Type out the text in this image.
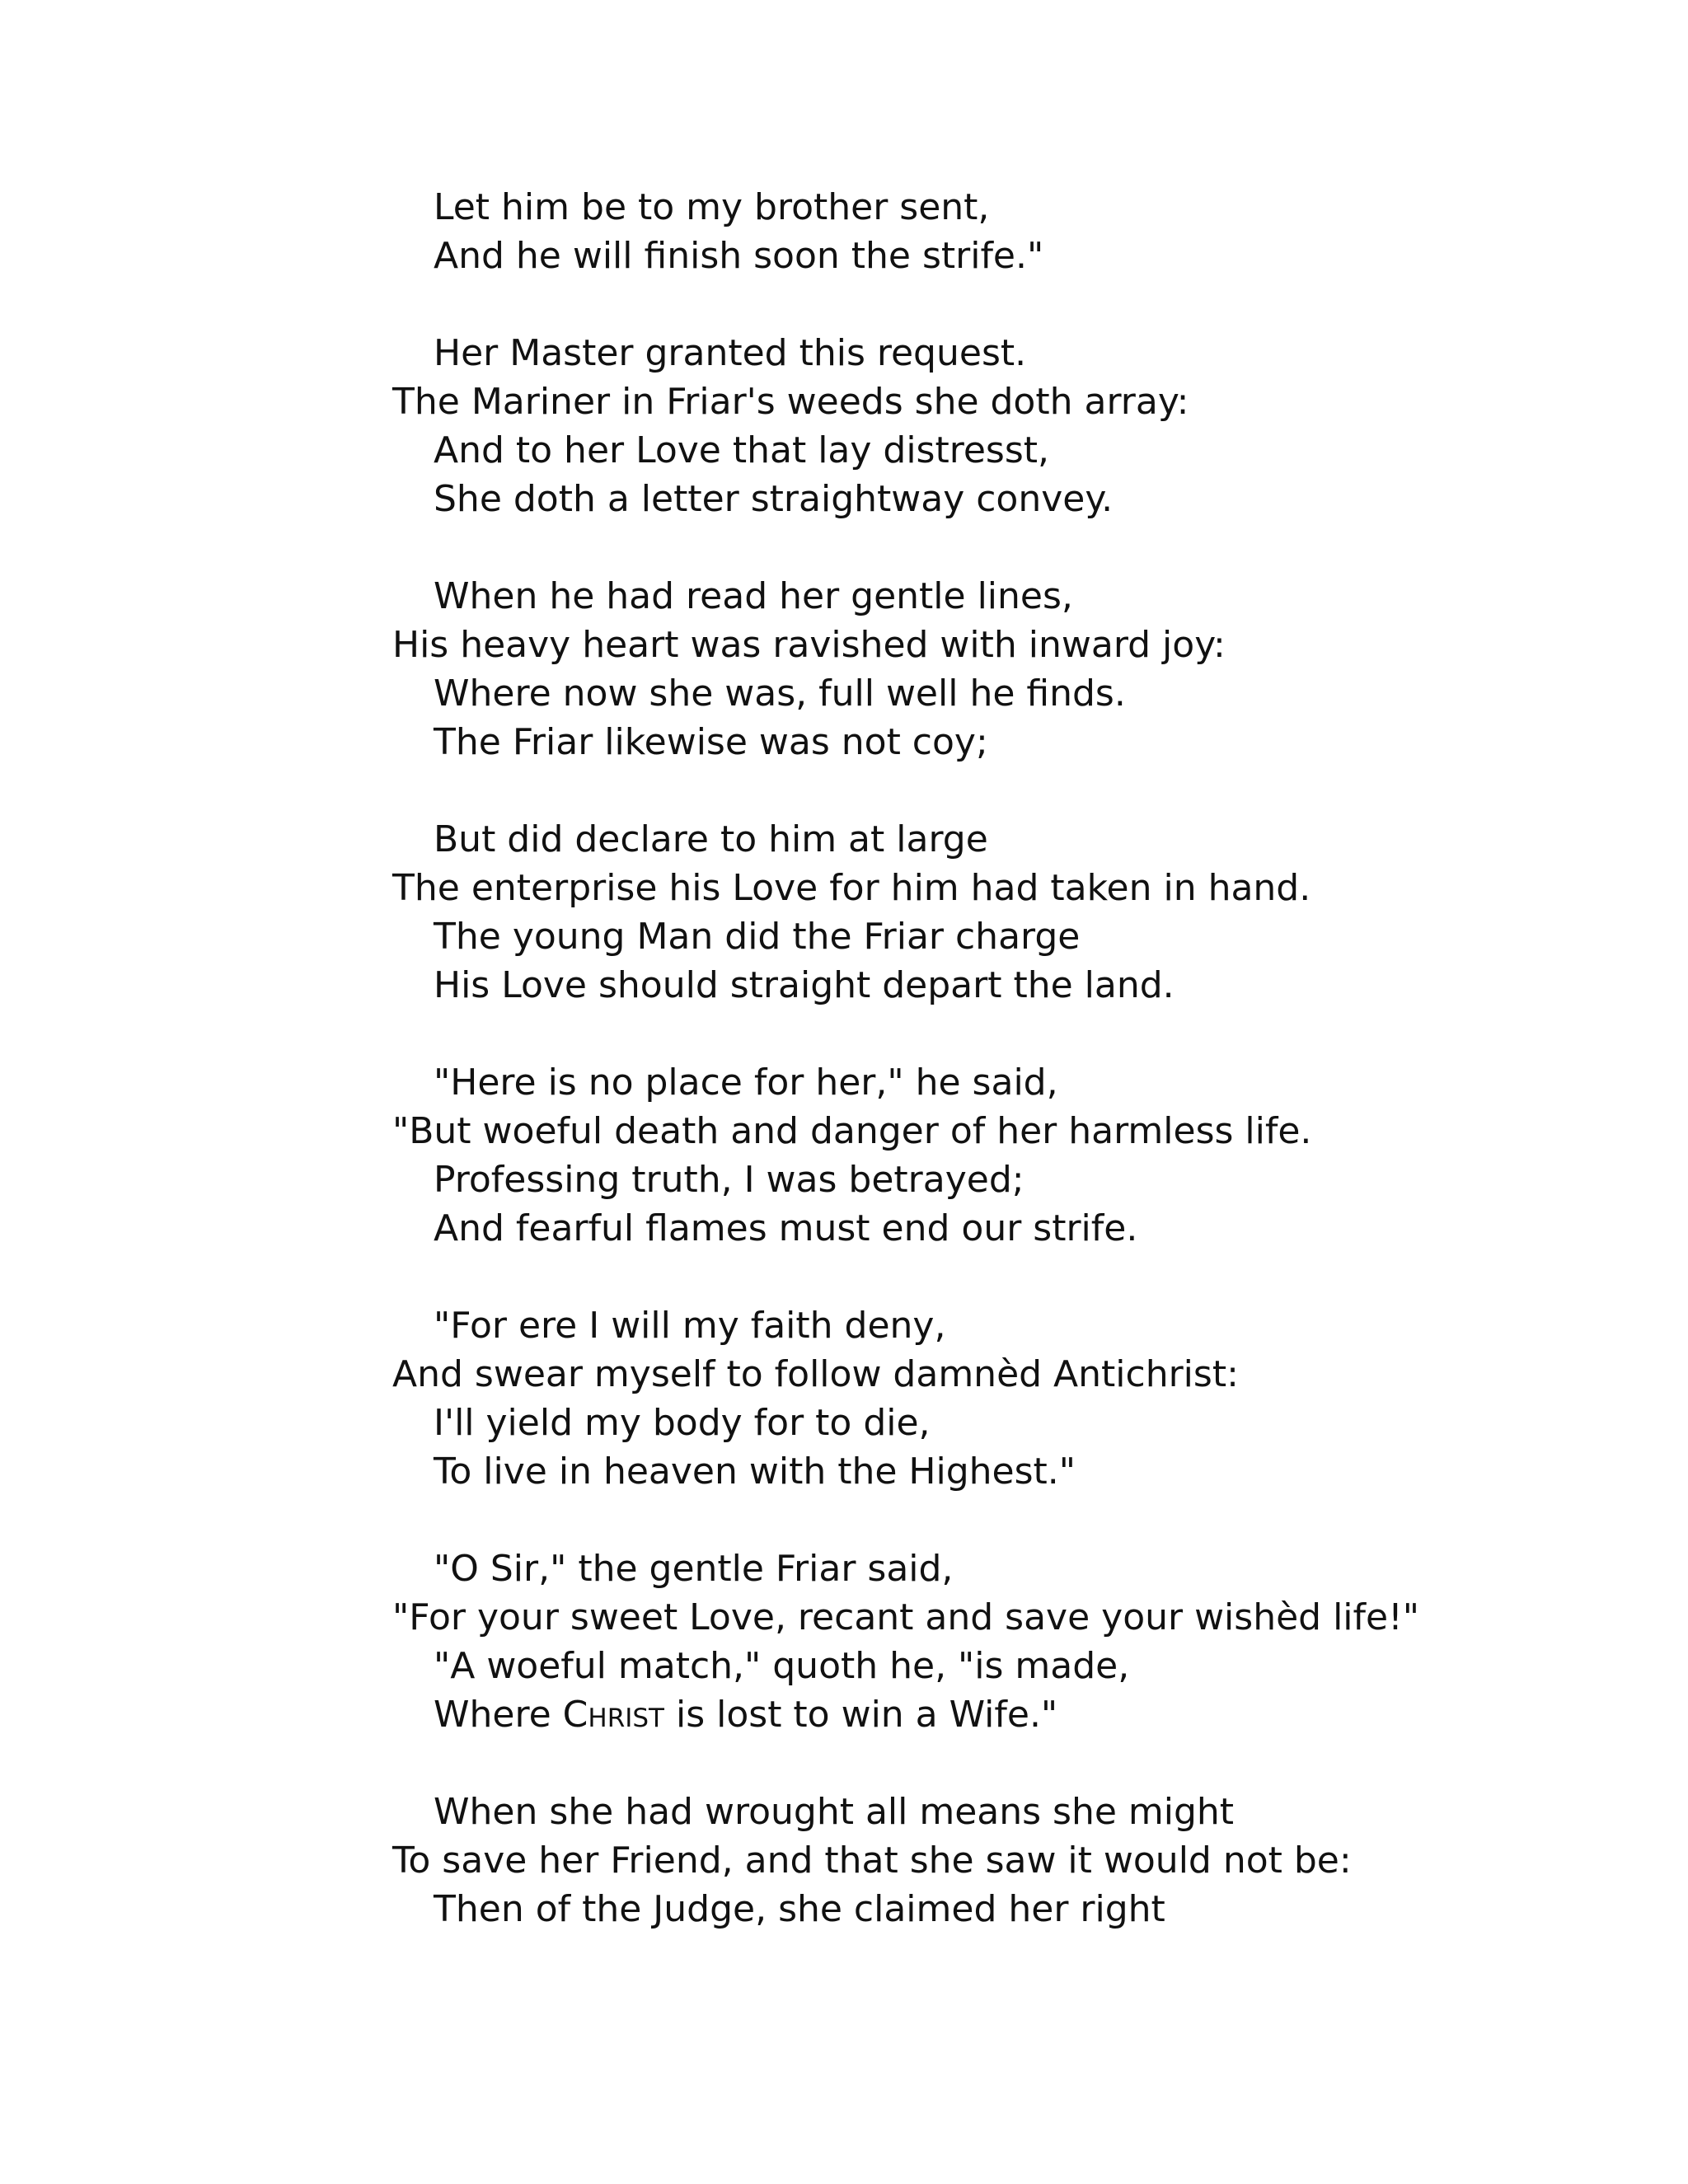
Let him be to my brother sent,
And he will finish soon the strife."
Her Master granted this request.
The Mariner in Friar's weeds she doth array:
And to her Love that lay distresst,
She doth a letter straightway convey.
When he had read her gentle lines,
His heavy heart was ravished with inward joy:
Where now she was, full well he finds.
The Friar likewise was not coy;
But did declare to him at large
The enterprise his Love for him had taken in hand.
The young Man did the Friar charge
His Love should straight depart the land.
"Here is no place for her," he said,
"But woeful death and danger of her harmless life.
Professing truth, I was betrayed;
And fearful flames must end our strife.
"For ere I will my faith deny,
And swear myself to follow damnèd Antichrist:
I'll yield my body for to die,
To live in heaven with the Highest."
"O Sir," the gentle Friar said,
"For your sweet Love, recant and save your wishèd life!"
"A woeful match," quoth he, "is made,
Where Christ is lost to win a Wife."
When she had wrought all means she might
To save her Friend, and that she saw it would not be:
Then of the Judge, she claimed her right
